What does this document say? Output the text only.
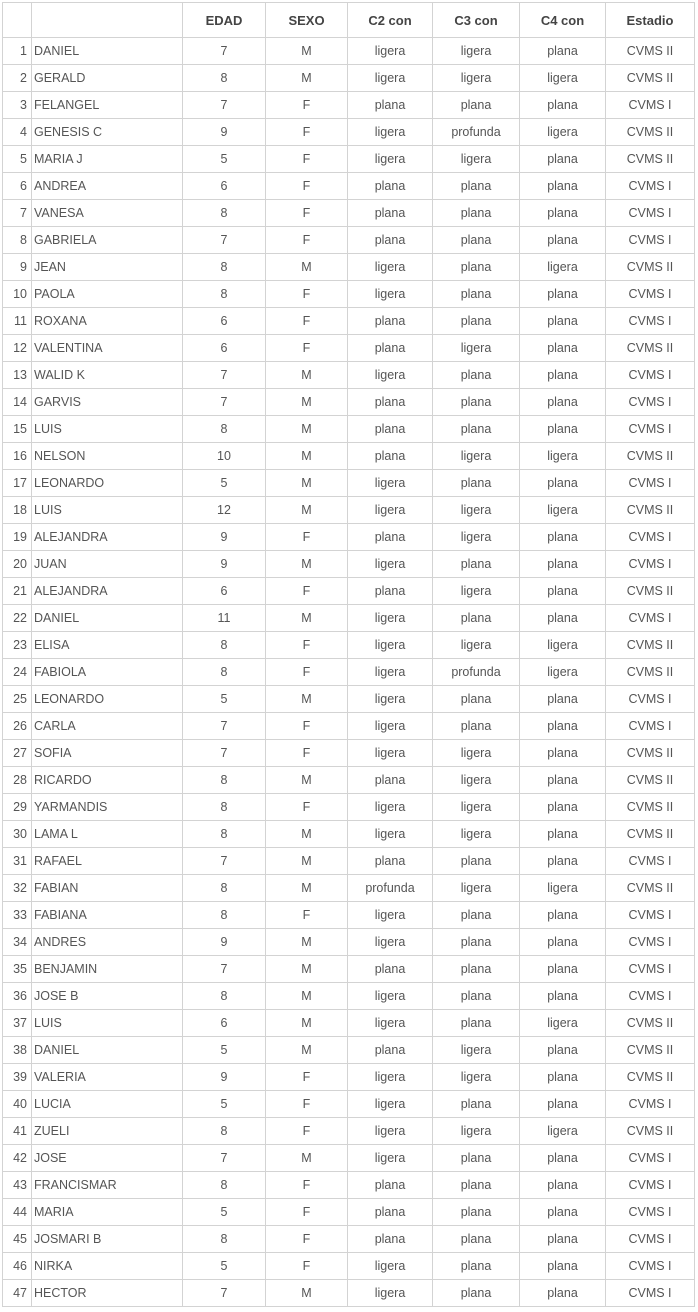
		EDAD	SEXO	C2 con	C3 con	C4 con	Estadio
1	DANIEL	7	M	ligera	ligera	plana	CVMS II
2	GERALD	8	M	ligera	ligera	ligera	CVMS II
3	FELANGEL	7	F	plana	plana	plana	CVMS I
4	GENESIS C	9	F	ligera	profunda	ligera	CVMS II
5	MARIA J	5	F	ligera	ligera	plana	CVMS II
6	ANDREA	6	F	plana	plana	plana	CVMS I
7	VANESA	8	F	plana	plana	plana	CVMS I
8	GABRIELA	7	F	plana	plana	plana	CVMS I
9	JEAN	8	M	ligera	plana	ligera	CVMS II
10	PAOLA	8	F	ligera	plana	plana	CVMS I
11	ROXANA	6	F	plana	plana	plana	CVMS I
12	VALENTINA	6	F	plana	ligera	plana	CVMS II
13	WALID K	7	M	ligera	plana	plana	CVMS I
14	GARVIS	7	M	plana	plana	plana	CVMS I
15	LUIS	8	M	plana	plana	plana	CVMS I
16	NELSON	10	M	plana	ligera	ligera	CVMS II
17	LEONARDO	5	M	ligera	plana	plana	CVMS I
18	LUIS	12	M	ligera	ligera	ligera	CVMS II
19	ALEJANDRA	9	F	plana	ligera	plana	CVMS I
20	JUAN	9	M	ligera	plana	plana	CVMS I
21	ALEJANDRA	6	F	plana	ligera	plana	CVMS II
22	DANIEL	11	M	ligera	plana	plana	CVMS I
23	ELISA	8	F	ligera	ligera	ligera	CVMS II
24	FABIOLA	8	F	ligera	profunda	ligera	CVMS II
25	LEONARDO	5	M	ligera	plana	plana	CVMS I
26	CARLA	7	F	ligera	plana	plana	CVMS I
27	SOFIA	7	F	ligera	ligera	plana	CVMS II
28	RICARDO	8	M	plana	ligera	plana	CVMS II
29	YARMANDIS	8	F	ligera	ligera	plana	CVMS II
30	LAMA L	8	M	ligera	ligera	plana	CVMS II
31	RAFAEL	7	M	plana	plana	plana	CVMS I
32	FABIAN	8	M	profunda	ligera	ligera	CVMS II
33	FABIANA	8	F	ligera	plana	plana	CVMS I
34	ANDRES	9	M	ligera	plana	plana	CVMS I
35	BENJAMIN	7	M	plana	plana	plana	CVMS I
36	JOSE B	8	M	ligera	plana	plana	CVMS I
37	LUIS	6	M	ligera	plana	ligera	CVMS II
38	DANIEL	5	M	plana	ligera	plana	CVMS II
39	VALERIA	9	F	ligera	ligera	plana	CVMS II
40	LUCIA	5	F	ligera	plana	plana	CVMS I
41	ZUELI	8	F	ligera	ligera	ligera	CVMS II
42	JOSE	7	M	ligera	plana	plana	CVMS I
43	FRANCISMAR	8	F	plana	plana	plana	CVMS I
44	MARIA	5	F	plana	plana	plana	CVMS I
45	JOSMARI B	8	F	plana	plana	plana	CVMS I
46	NIRKA	5	F	ligera	plana	plana	CVMS I
47	HECTOR	7	M	ligera	plana	plana	CVMS I
